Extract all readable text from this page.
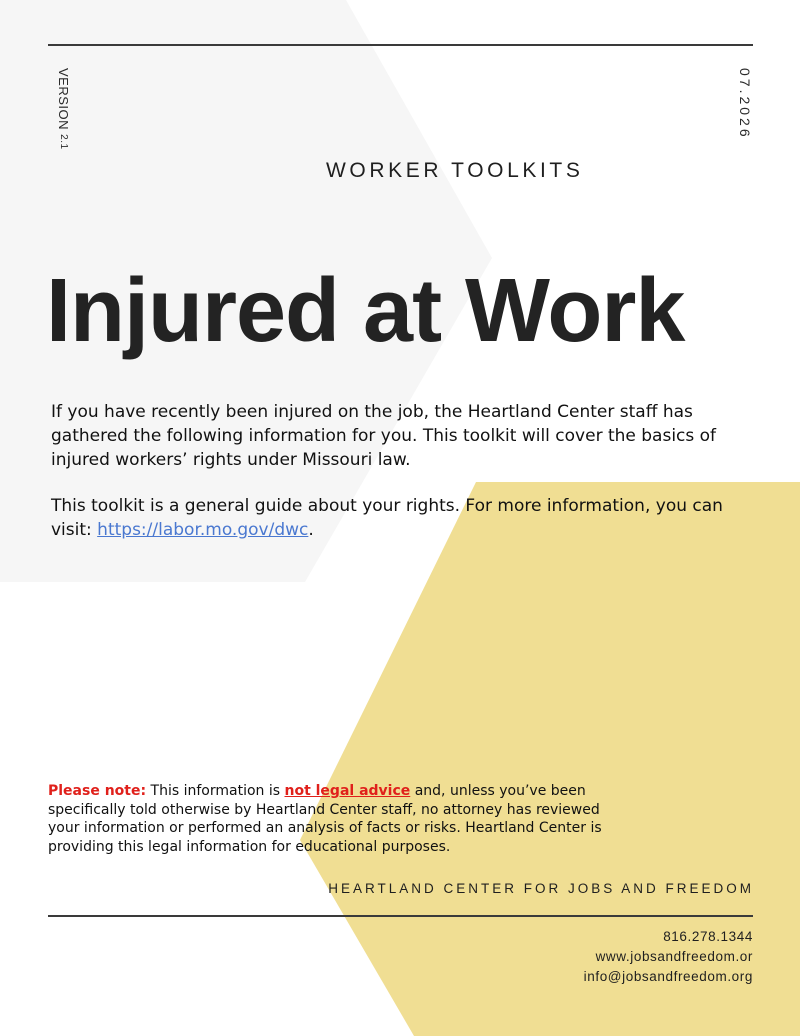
VERSION 2.1
07.2026
WORKER TOOLKITS
Injured at Work

If you have recently been injured on the job, the Heartland Center staff has gathered the following information for you. This toolkit will cover the basics of injured workers’ rights under Missouri law.

This toolkit is a general guide about your rights. For more information, you can visit: https://labor.mo.gov/dwc.

Please note: This information is not legal advice and, unless you’ve been specifically told otherwise by Heartland Center staff, no attorney has reviewed your information or performed an analysis of facts or risks. Heartland Center is providing this legal information for educational purposes.
HEARTLAND CENTER FOR JOBS AND FREEDOM
816.278.1344
www.jobsandfreedom.or
info@jobsandfreedom.org
